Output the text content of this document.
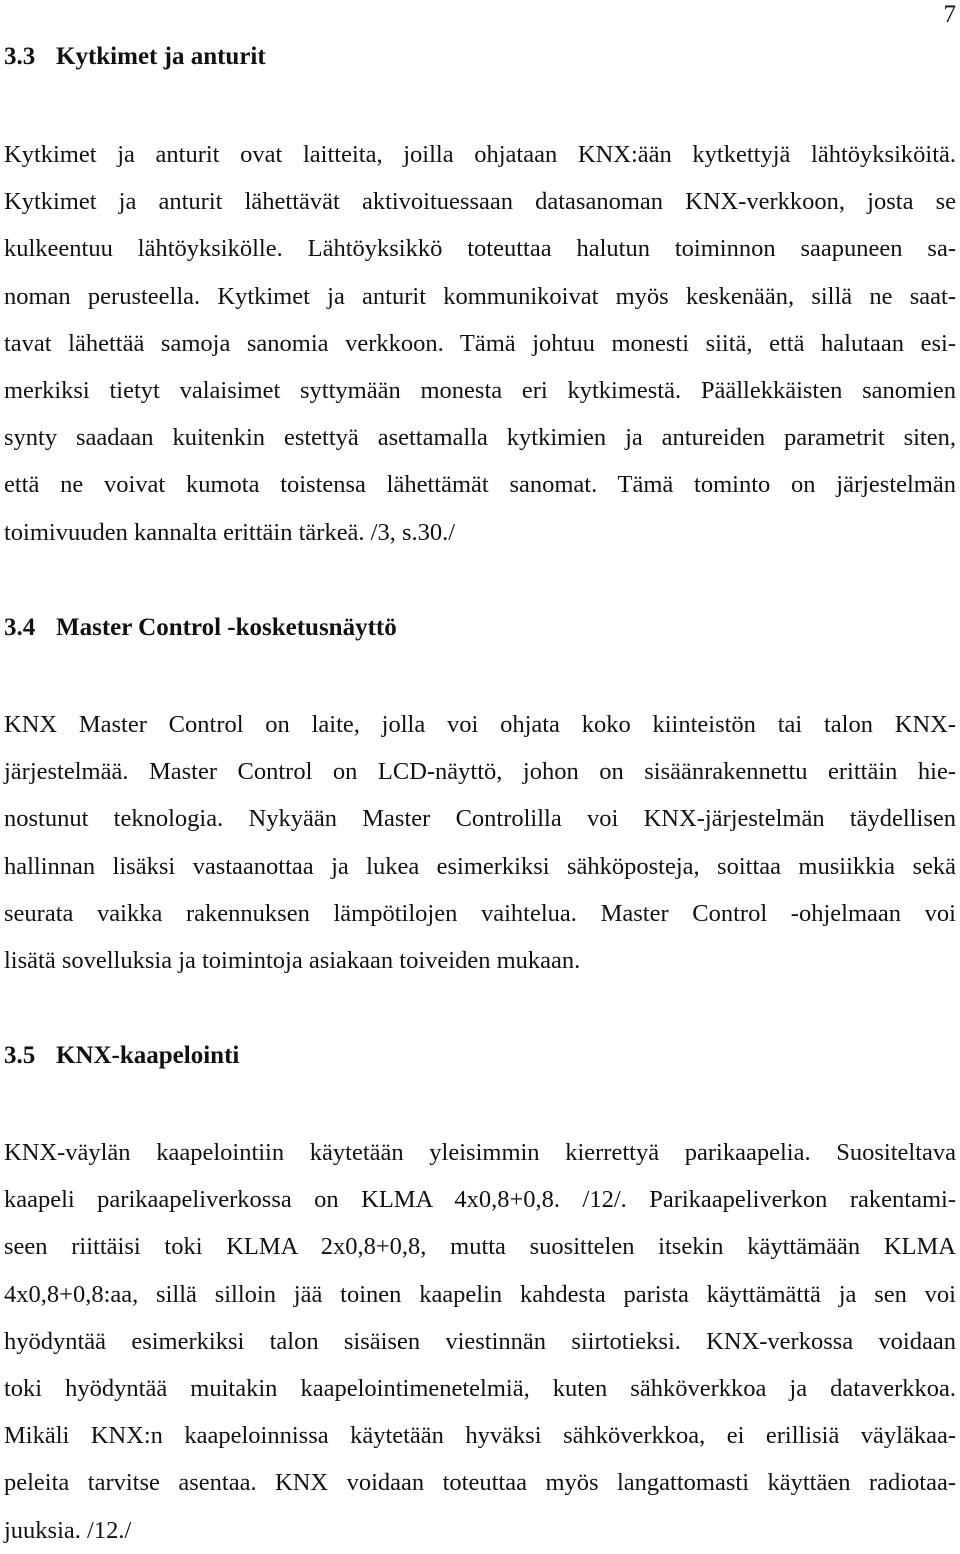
7
3.3 Kytkimet ja anturit

Kytkimet ja anturit ovat laitteita, joilla ohjataan KNX:ään kytkettyjä lähtöyksiköitä.
Kytkimet ja anturit lähettävät aktivoituessaan datasanoman KNX-verkkoon, josta se
kulkeentuu lähtöyksikölle. Lähtöyksikkö toteuttaa halutun toiminnon saapuneen sa-
noman perusteella. Kytkimet ja anturit kommunikoivat myös keskenään, sillä ne saat-
tavat lähettää samoja sanomia verkkoon. Tämä johtuu monesti siitä, että halutaan esi-
merkiksi tietyt valaisimet syttymään monesta eri kytkimestä. Päällekkäisten sanomien
synty saadaan kuitenkin estettyä asettamalla kytkimien ja antureiden parametrit siten,
että ne voivat kumota toistensa lähettämät sanomat. Tämä tominto on järjestelmän
toimivuuden kannalta erittäin tärkeä. /3, s.30./

3.4 Master Control -kosketusnäyttö

KNX Master Control on laite, jolla voi ohjata koko kiinteistön tai talon KNX-
järjestelmää. Master Control on LCD-näyttö, johon on sisäänrakennettu erittäin hie-
nostunut teknologia. Nykyään Master Controlilla voi KNX-järjestelmän täydellisen
hallinnan lisäksi vastaanottaa ja lukea esimerkiksi sähköposteja, soittaa musiikkia sekä
seurata vaikka rakennuksen lämpötilojen vaihtelua. Master Control -ohjelmaan voi
lisätä sovelluksia ja toimintoja asiakaan toiveiden mukaan.

3.5 KNX-kaapelointi

KNX-väylän kaapelointiin käytetään yleisimmin kierrettyä parikaapelia. Suositeltava
kaapeli parikaapeliverkossa on KLMA 4x0,8+0,8. /12/. Parikaapeliverkon rakentami-
seen riittäisi toki KLMA 2x0,8+0,8, mutta suosittelen itsekin käyttämään KLMA
4x0,8+0,8:aa, sillä silloin jää toinen kaapelin kahdesta parista käyttämättä ja sen voi
hyödyntää esimerkiksi talon sisäisen viestinnän siirtotieksi. KNX-verkossa voidaan
toki hyödyntää muitakin kaapelointimenetelmiä, kuten sähköverkkoa ja dataverkkoa.
Mikäli KNX:n kaapeloinnissa käytetään hyväksi sähköverkkoa, ei erillisiä väyläkaa-
peleita tarvitse asentaa. KNX voidaan toteuttaa myös langattomasti käyttäen radiotaa-
juuksia. /12./
